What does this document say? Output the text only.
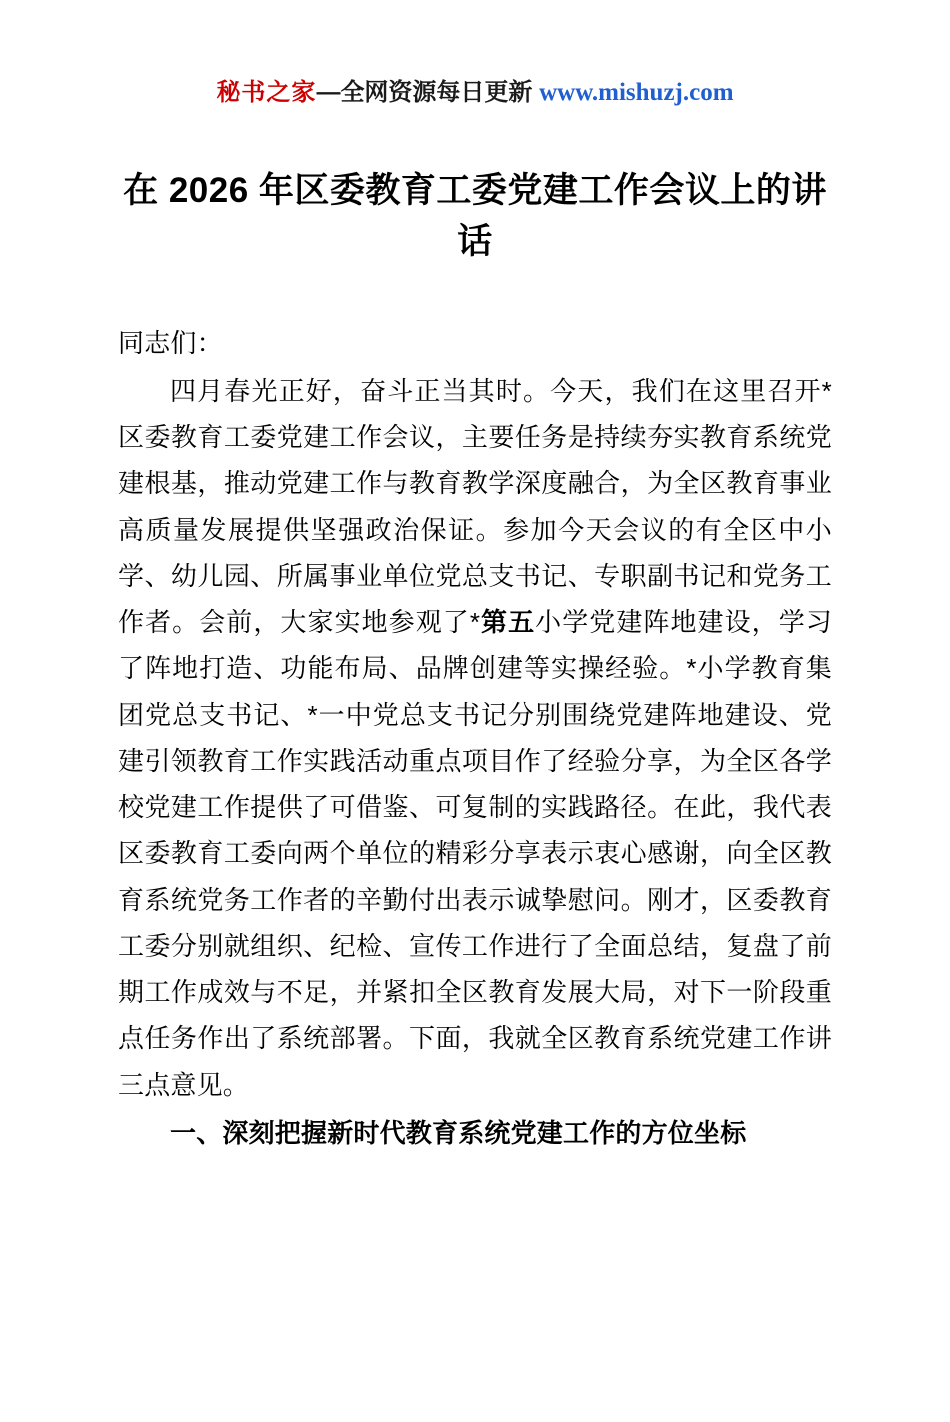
秘书之家—全网资源每日更新 www.mishuzj.com
在 2026 年区委教育工委党建工作会议上的讲话

同志们：

四月春光正好，奋斗正当其时。今天，我们在这里召开*区委教育工委党建工作会议，主要任务是持续夯实教育系统党建根基，推动党建工作与教育教学深度融合，为全区教育事业高质量发展提供坚强政治保证。参加今天会议的有全区中小学、幼儿园、所属事业单位党总支书记、专职副书记和党务工作者。会前，大家实地参观了*第五小学党建阵地建设，学习了阵地打造、功能布局、品牌创建等实操经验。*小学教育集团党总支书记、*一中党总支书记分别围绕党建阵地建设、党建引领教育工作实践活动重点项目作了经验分享，为全区各学校党建工作提供了可借鉴、可复制的实践路径。在此，我代表区委教育工委向两个单位的精彩分享表示衷心感谢，向全区教育系统党务工作者的辛勤付出表示诚挚慰问。刚才，区委教育工委分别就组织、纪检、宣传工作进行了全面总结，复盘了前期工作成效与不足，并紧扣全区教育发展大局，对下一阶段重点任务作出了系统部署。下面，我就全区教育系统党建工作讲三点意见。

一、深刻把握新时代教育系统党建工作的方位坐标
